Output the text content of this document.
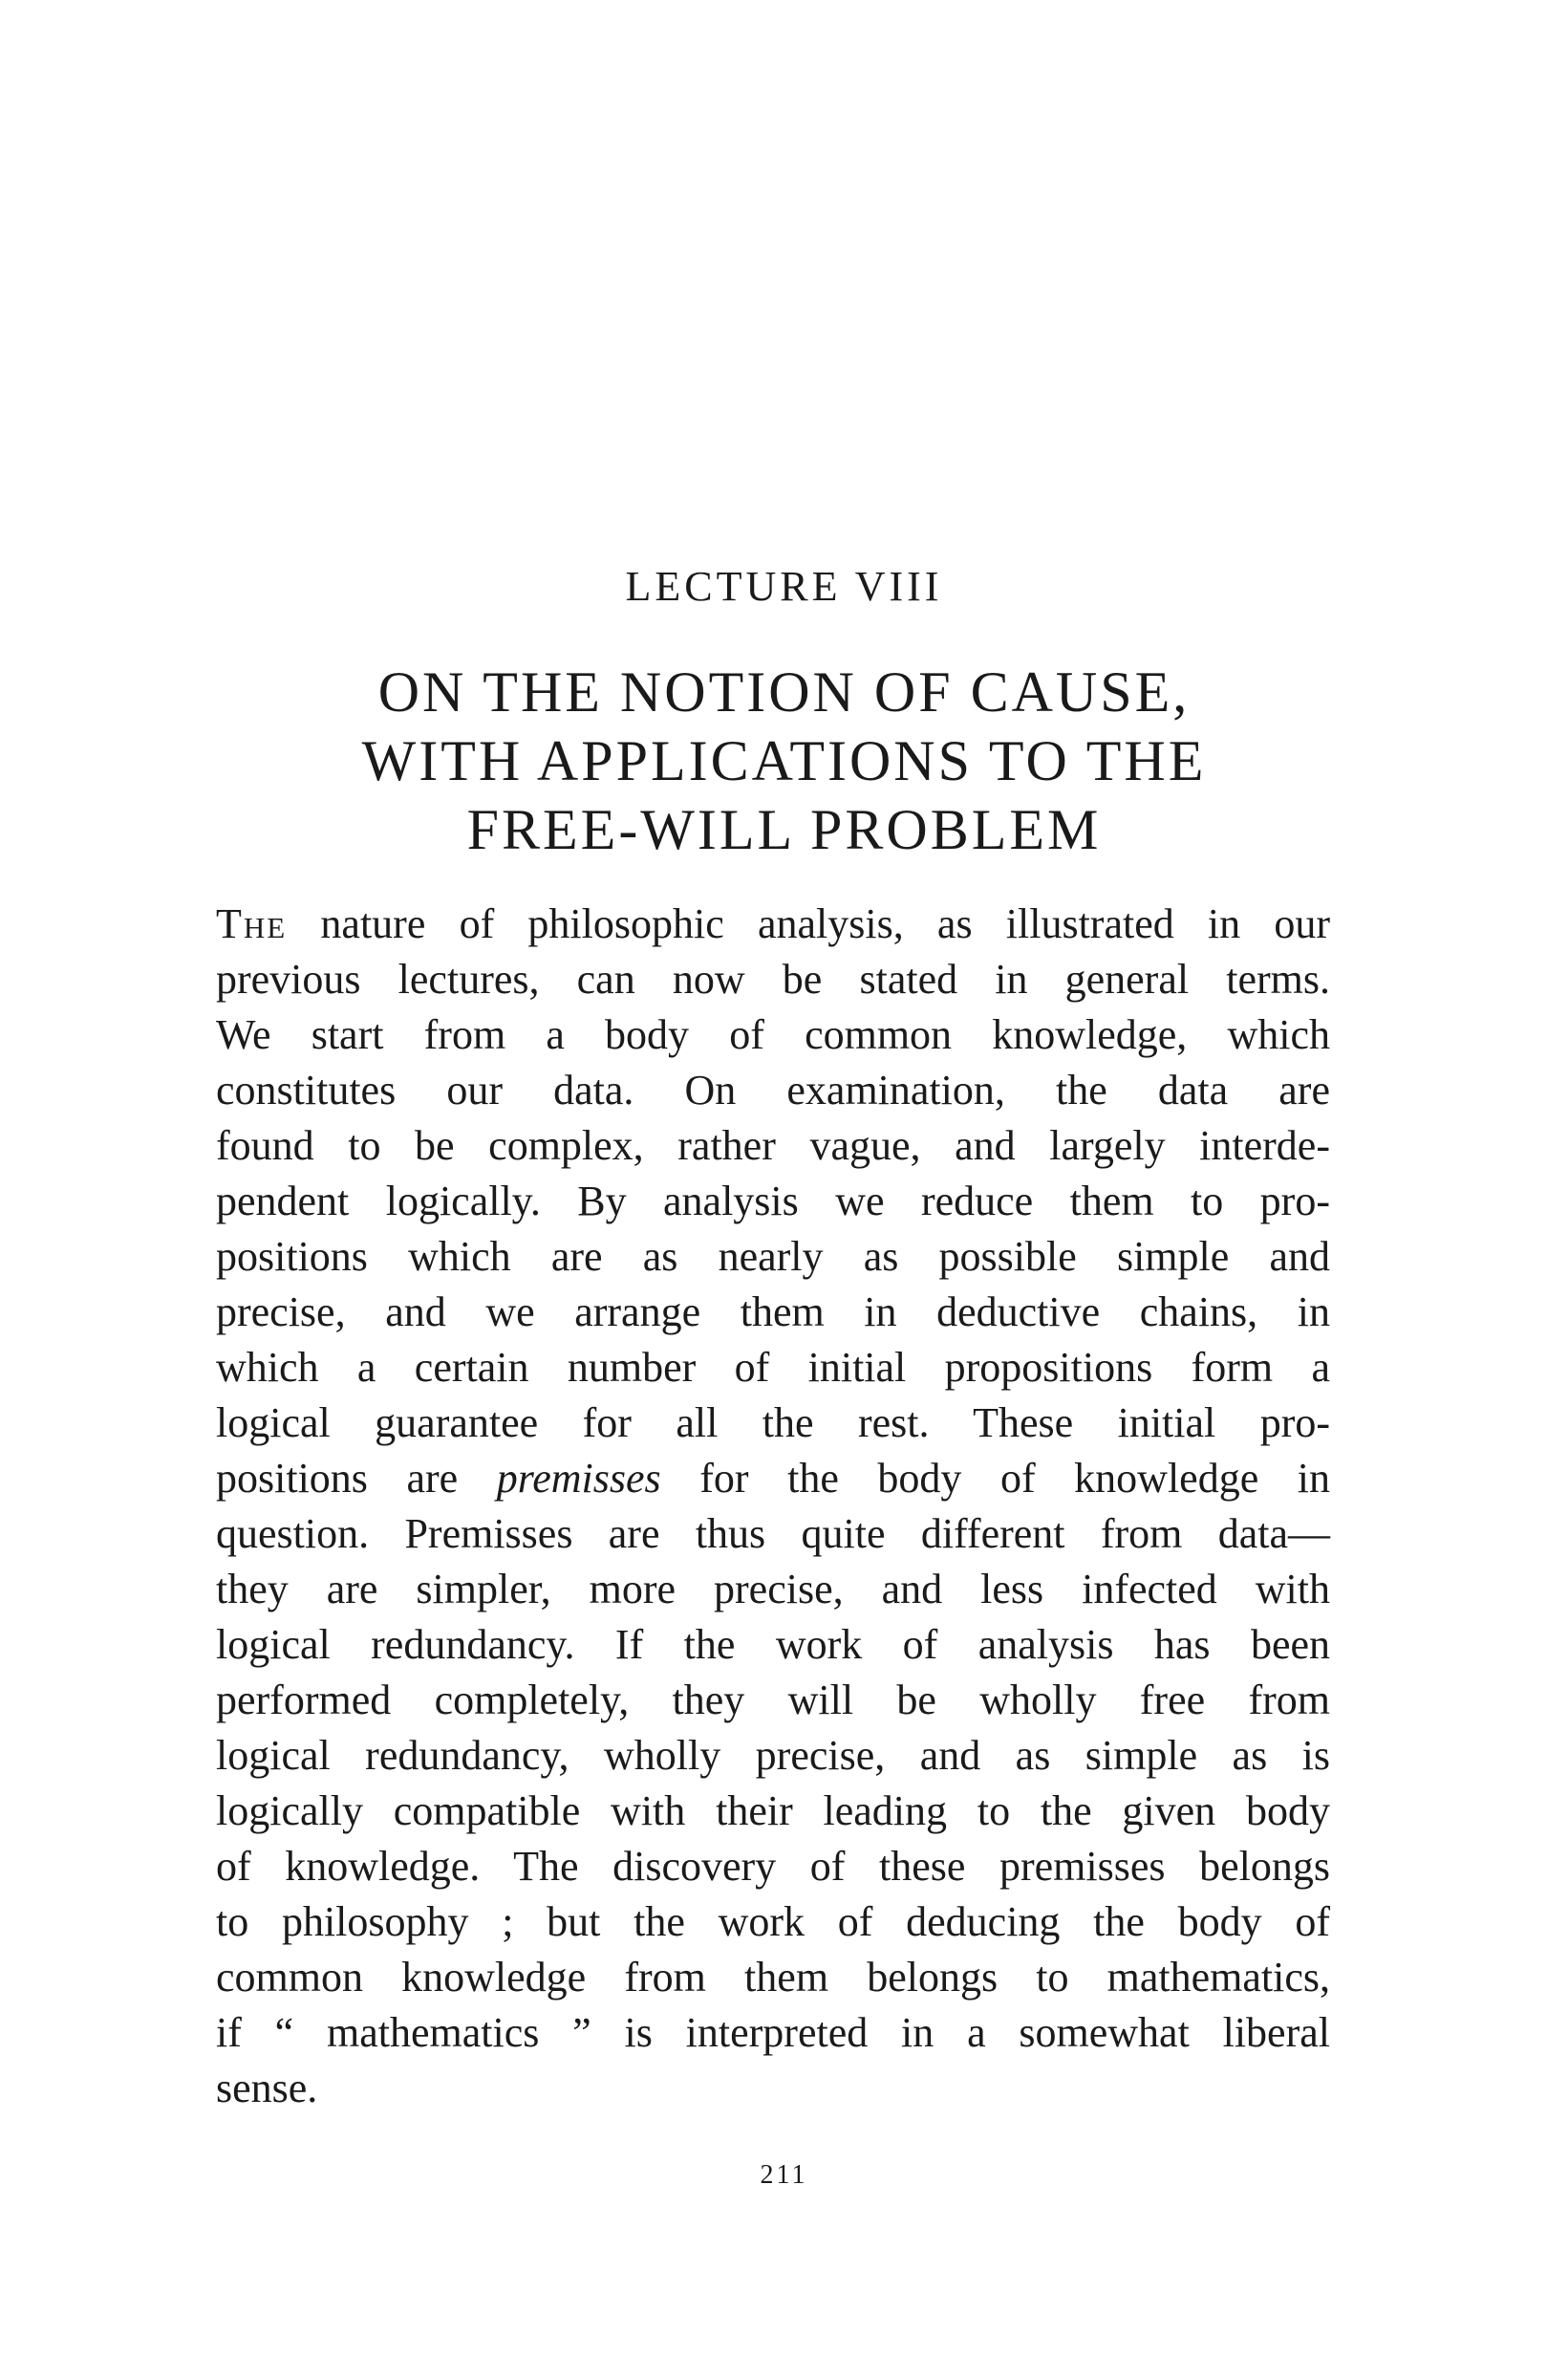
LECTURE VIII
ON THE NOTION OF CAUSE,
WITH APPLICATIONS TO THE
FREE-WILL PROBLEM
The nature of philosophic analysis, as illustrated in our
previous lectures, can now be stated in general terms.
We start from a body of common knowledge, which
constitutes our data. On examination, the data are
found to be complex, rather vague, and largely interde-
pendent logically. By analysis we reduce them to pro-
positions which are as nearly as possible simple and
precise, and we arrange them in deductive chains, in
which a certain number of initial propositions form a
logical guarantee for all the rest. These initial pro-
positions are premisses for the body of knowledge in
question. Premisses are thus quite different from data—
they are simpler, more precise, and less infected with
logical redundancy. If the work of analysis has been
performed completely, they will be wholly free from
logical redundancy, wholly precise, and as simple as is
logically compatible with their leading to the given body
of knowledge. The discovery of these premisses belongs
to philosophy ; but the work of deducing the body of
common knowledge from them belongs to mathematics,
if “ mathematics ” is interpreted in a somewhat liberal
sense.
211
